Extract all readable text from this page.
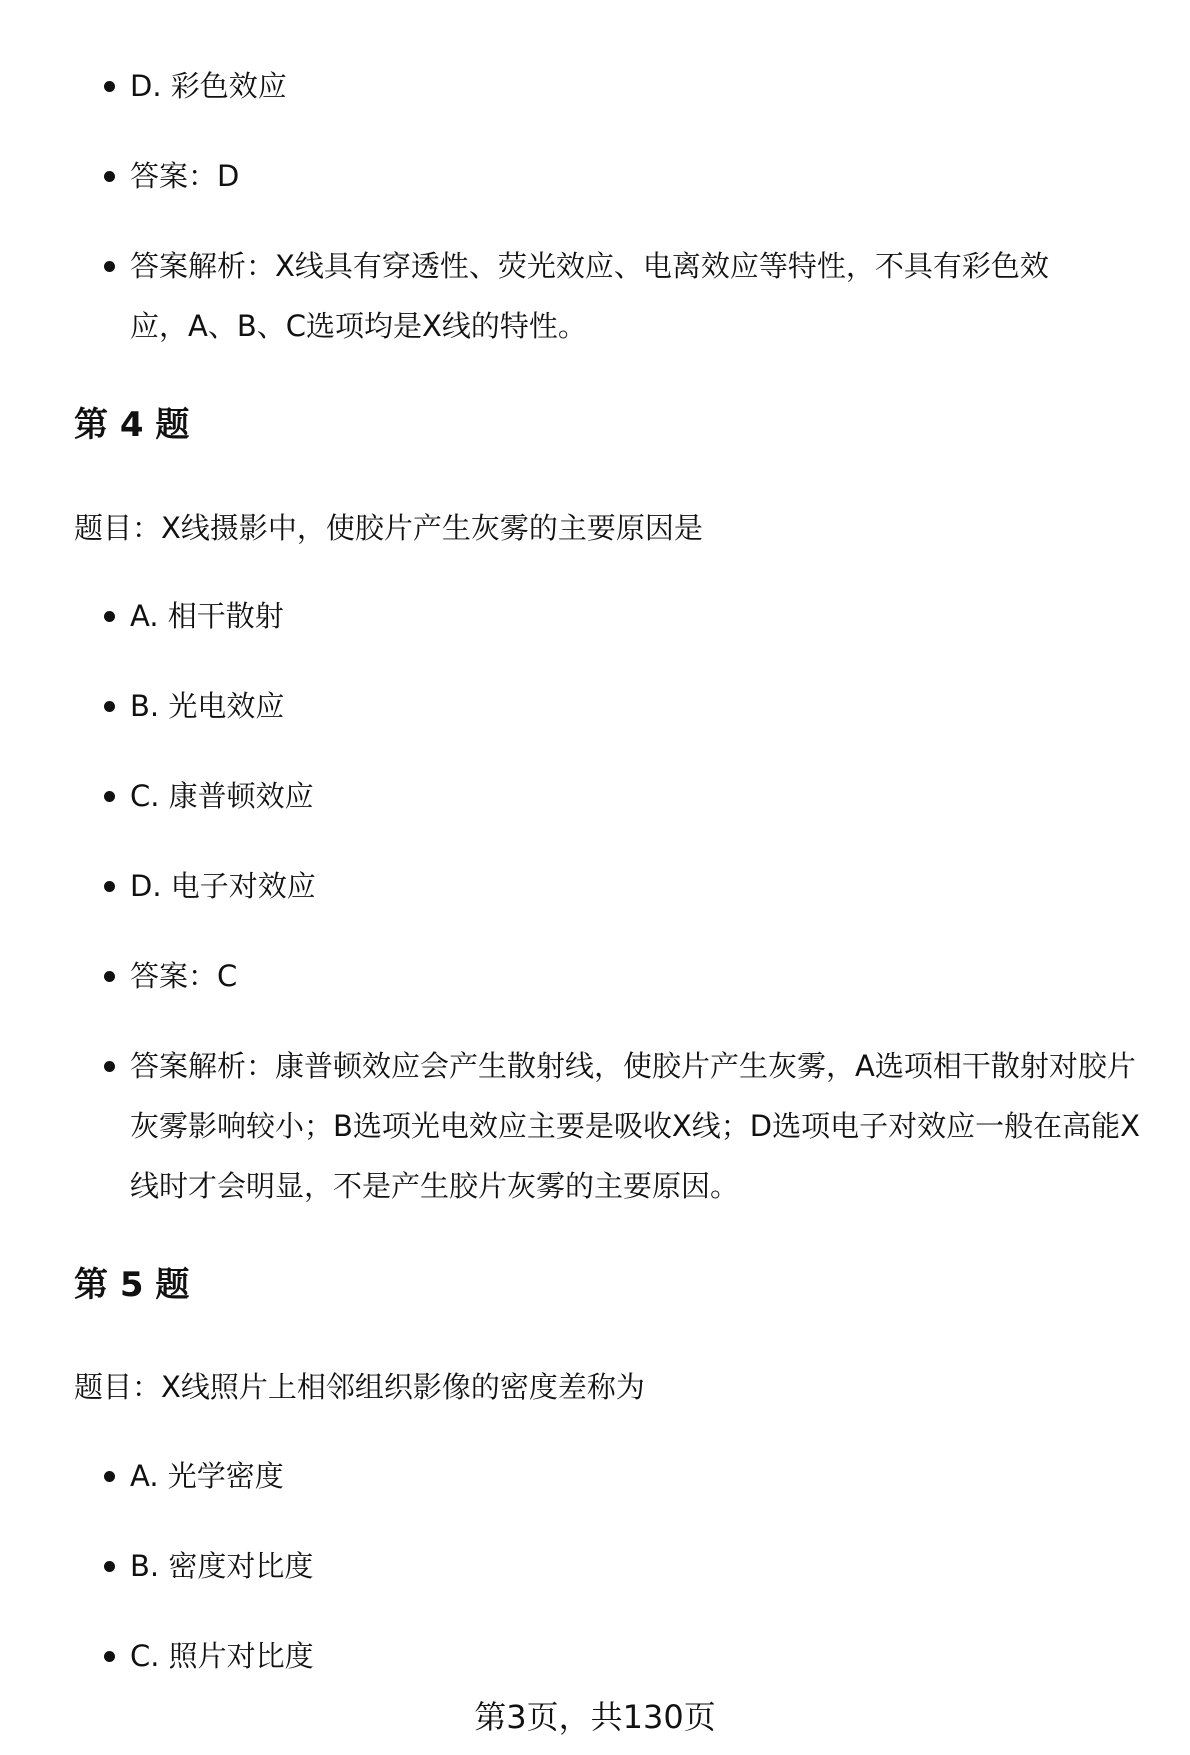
D. 彩色效应
答案：D
答案解析：X线具有穿透性、荧光效应、电离效应等特性，不具有彩色效应，A、B、C选项均是X线的特性。
第 4 题
题目：X线摄影中，使胶片产生灰雾的主要原因是
A. 相干散射
B. 光电效应
C. 康普顿效应
D. 电子对效应
答案：C
答案解析：康普顿效应会产生散射线，使胶片产生灰雾，A选项相干散射对胶片灰雾影响较小；B选项光电效应主要是吸收X线；D选项电子对效应一般在高能X线时才会明显，不是产生胶片灰雾的主要原因。
第 5 题
题目：X线照片上相邻组织影像的密度差称为
A. 光学密度
B. 密度对比度
C. 照片对比度
第3页，共130页
